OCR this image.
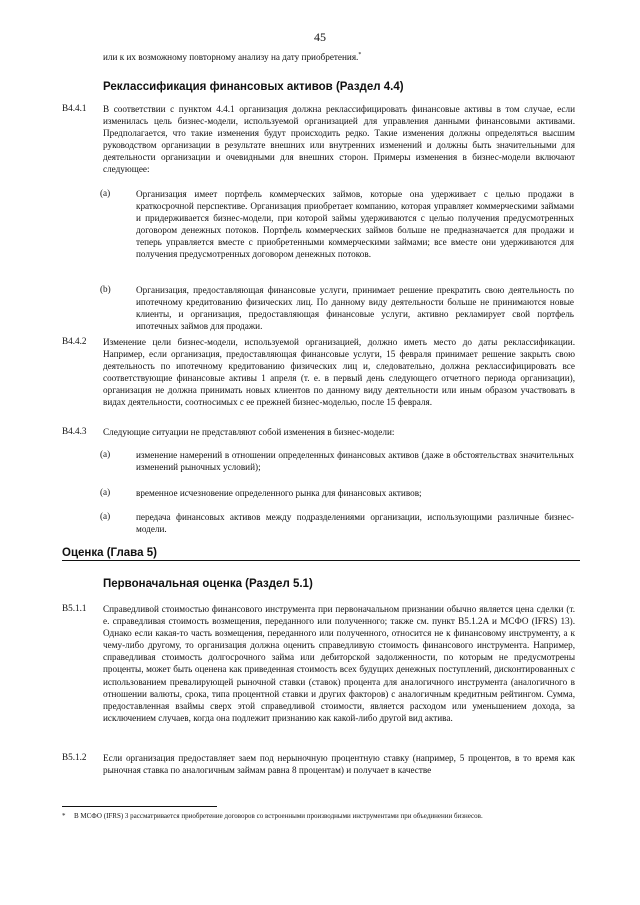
45
или к их возможному повторному анализу на дату приобретения.*
Реклассификация финансовых активов (Раздел 4.4)
B4.4.1 В соответствии с пунктом 4.4.1 организация должна реклассифицировать финансовые активы в том случае, если изменилась цель бизнес-модели, используемой организацией для управления данными финансовыми активами. Предполагается, что такие изменения будут происходить редко. Такие изменения должны определяться высшим руководством организации в результате внешних или внутренних изменений и должны быть значительными для деятельности организации и очевидными для внешних сторон. Примеры изменения в бизнес-модели включают следующее:
(a)	Организация имеет портфель коммерческих займов, которые она удерживает с целью продажи в краткосрочной перспективе. Организация приобретает компанию, которая управляет коммерческими займами и придерживается бизнес-модели, при которой займы удерживаются с целью получения предусмотренных договором денежных потоков. Портфель коммерческих займов больше не предназначается для продажи и теперь управляется вместе с приобретенными коммерческими займами; все вместе они удерживаются для получения предусмотренных договором денежных потоков.
(b)	Организация, предоставляющая финансовые услуги, принимает решение прекратить свою деятельность по ипотечному кредитованию физических лиц. По данному виду деятельности больше не принимаются новые клиенты, и организация, предоставляющая финансовые услуги, активно рекламирует свой портфель ипотечных займов для продажи.
B4.4.2 Изменение цели бизнес-модели, используемой организацией, должно иметь место до даты реклассификации. Например, если организация, предоставляющая финансовые услуги, 15 февраля принимает решение закрыть свою деятельность по ипотечному кредитованию физических лиц и, следовательно, должна реклассифицировать все соответствующие финансовые активы 1 апреля (т. е. в первый день следующего отчетного периода организации), организация не должна принимать новых клиентов по данному виду деятельности или иным образом участвовать в видах деятельности, соотносимых с ее прежней бизнес-моделью, после 15 февраля.
B4.4.3 Следующие ситуации не представляют собой изменения в бизнес-модели:
(a)	изменение намерений в отношении определенных финансовых активов (даже в обстоятельствах значительных изменений рыночных условий);
(a)	временное исчезновение определенного рынка для финансовых активов;
(a)	передача финансовых активов между подразделениями организации, использующими различные бизнес-модели.
Оценка (Глава 5)
Первоначальная оценка (Раздел 5.1)
B5.1.1 Справедливой стоимостью финансового инструмента при первоначальном признании обычно является цена сделки (т. е. справедливая стоимость возмещения, переданного или полученного; также см. пункт B5.1.2A и МСФО (IFRS) 13). Однако если какая-то часть возмещения, переданного или полученного, относится не к финансовому инструменту, а к чему-либо другому, то организация должна оценить справедливую стоимость финансового инструмента. Например, справедливая стоимость долгосрочного займа или дебиторской задолженности, по которым не предусмотрены проценты, может быть оценена как приведенная стоимость всех будущих денежных поступлений, дисконтированных с использованием превалирующей рыночной ставки (ставок) процента для аналогичного инструмента (аналогичного в отношении валюты, срока, типа процентной ставки и других факторов) с аналогичным кредитным рейтингом. Сумма, предоставленная взаймы сверх этой справедливой стоимости, является расходом или уменьшением дохода, за исключением случаев, когда она подлежит признанию как какой-либо другой вид актива.
B5.1.2 Если организация предоставляет заем под нерыночную процентную ставку (например, 5 процентов, в то время как рыночная ставка по аналогичным займам равна 8 процентам) и получает в качестве
* В МСФО (IFRS) 3 рассматривается приобретение договоров со встроенными производными инструментами при объединении бизнесов.
